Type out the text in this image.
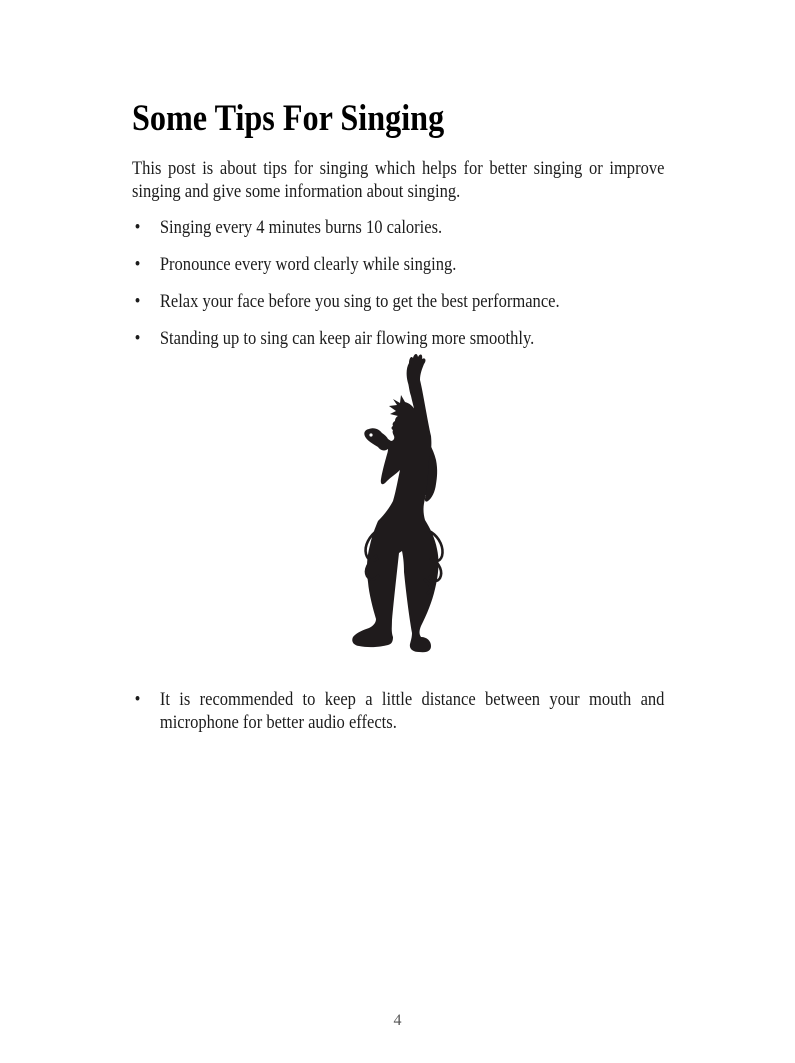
Some Tips For Singing

This post is about tips for singing which helps for better singing or improve singing and give some information about singing.

• Singing every 4 minutes burns 10 calories.
• Pronounce every word clearly while singing.
• Relax your face before you sing to get the best performance.
• Standing up to sing can keep air flowing more smoothly.
• It is recommended to keep a little distance between your mouth and microphone for better audio effects.
4
